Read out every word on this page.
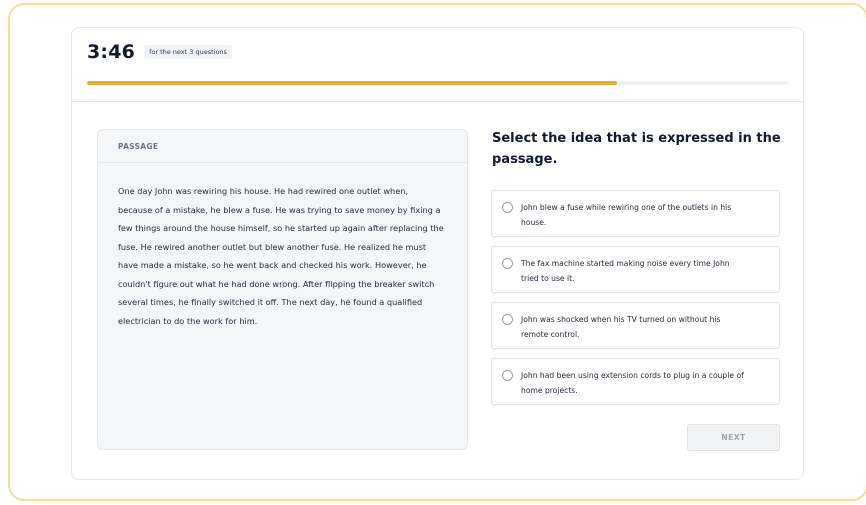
3:46	for the next 3 questions
PASSAGE
One day John was rewiring his house. He had rewired one outlet when,
because of a mistake, he blew a fuse. He was trying to save money by fixing a
few things around the house himself, so he started up again after replacing the
fuse. He rewired another outlet but blew another fuse. He realized he must
have made a mistake, so he went back and checked his work. However, he
couldn't figure out what he had done wrong. After flipping the breaker switch
several times, he finally switched it off. The next day, he found a qualified
electrician to do the work for him.
Select the idea that is expressed in the
passage.
John blew a fuse while rewiring one of the outlets in his
house.
The fax machine started making noise every time John
tried to use it.
John was shocked when his TV turned on without his
remote control.
John had been using extension cords to plug in a couple of
home projects.
NEXT
